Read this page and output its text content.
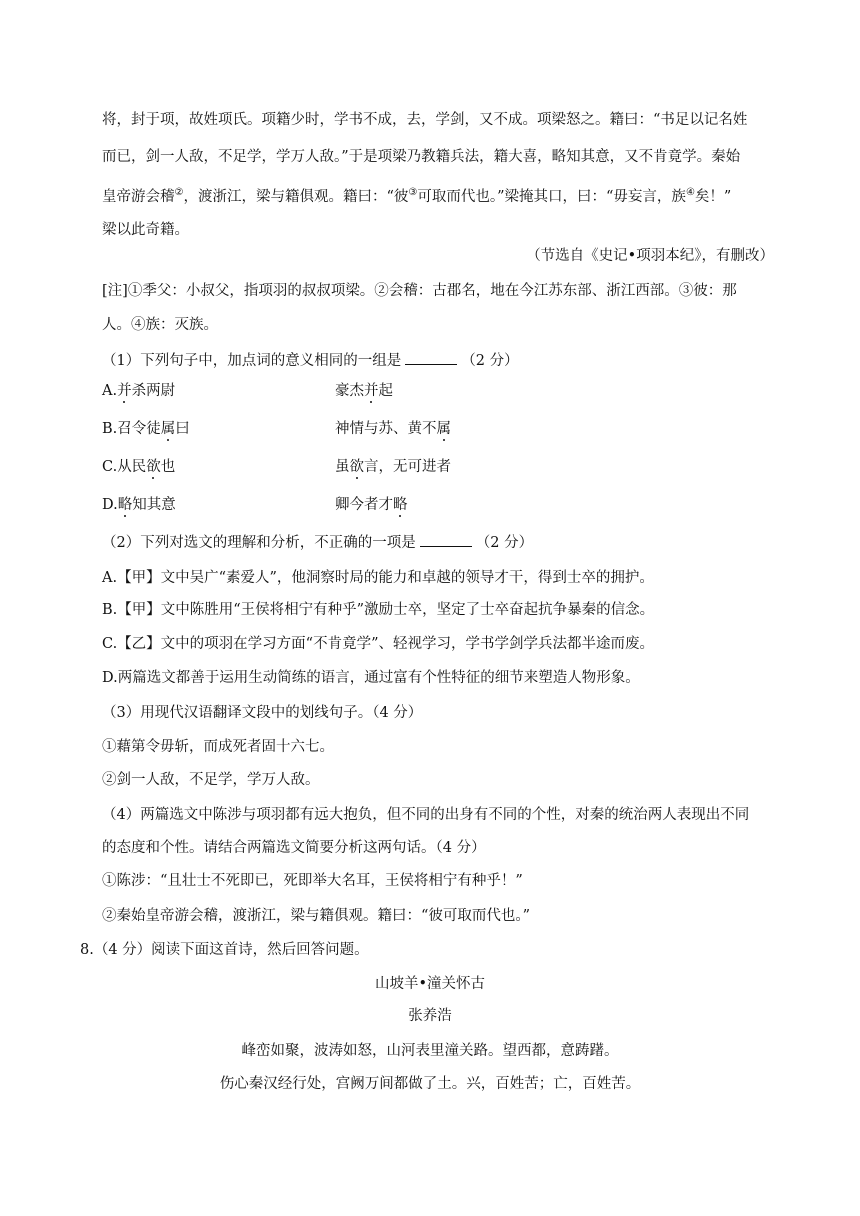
将，封于项，故姓项氏。项籍少时，学书不成，去，学剑，又不成。项梁怒之。籍曰：“书足以记名姓
而已，剑一人敌，不足学，学万人敌。”于是项梁乃教籍兵法，籍大喜，略知其意，又不肯竟学。秦始
皇帝游会稽②，渡浙江，梁与籍俱观。籍曰：“彼③可取而代也。”梁掩其口，曰：“毋妄言，族④矣！”
梁以此奇籍。
（节选自《史记•项羽本纪》，有删改）
[注]①季父：小叔父，指项羽的叔叔项梁。②会稽：古郡名，地在今江苏东部、浙江西部。③彼：那
人。④族：灭族。
（1）下列句子中，加点词的意义相同的一组是	（2 分）
A.并杀两尉	豪杰并起
B.召令徒属曰	神情与苏、黄不属
C.从民欲也	虽欲言，无可进者
D.略知其意	卿今者才略
（2）下列对选文的理解和分析，不正确的一项是	（2 分）
A.【甲】文中吴广“素爱人”，他洞察时局的能力和卓越的领导才干，得到士卒的拥护。
B.【甲】文中陈胜用“王侯将相宁有种乎”激励士卒，坚定了士卒奋起抗争暴秦的信念。
C.【乙】文中的项羽在学习方面“不肯竟学”、轻视学习，学书学剑学兵法都半途而废。
D.两篇选文都善于运用生动简练的语言，通过富有个性特征的细节来塑造人物形象。
（3）用现代汉语翻译文段中的划线句子。（4 分）
①藉第令毋斩，而成死者固十六七。
②剑一人敌，不足学，学万人敌。
（4）两篇选文中陈涉与项羽都有远大抱负，但不同的出身有不同的个性，对秦的统治两人表现出不同
的态度和个性。请结合两篇选文简要分析这两句话。（4 分）
①陈涉：“且壮士不死即已，死即举大名耳，王侯将相宁有种乎！”
②秦始皇帝游会稽，渡浙江，梁与籍俱观。籍曰：“彼可取而代也。”
8.（4 分）阅读下面这首诗，然后回答问题。
山坡羊•潼关怀古
张养浩
峰峦如聚，波涛如怒，山河表里潼关路。望西都，意踌躇。
伤心秦汉经行处，宫阙万间都做了土。兴，百姓苦；亡，百姓苦。
